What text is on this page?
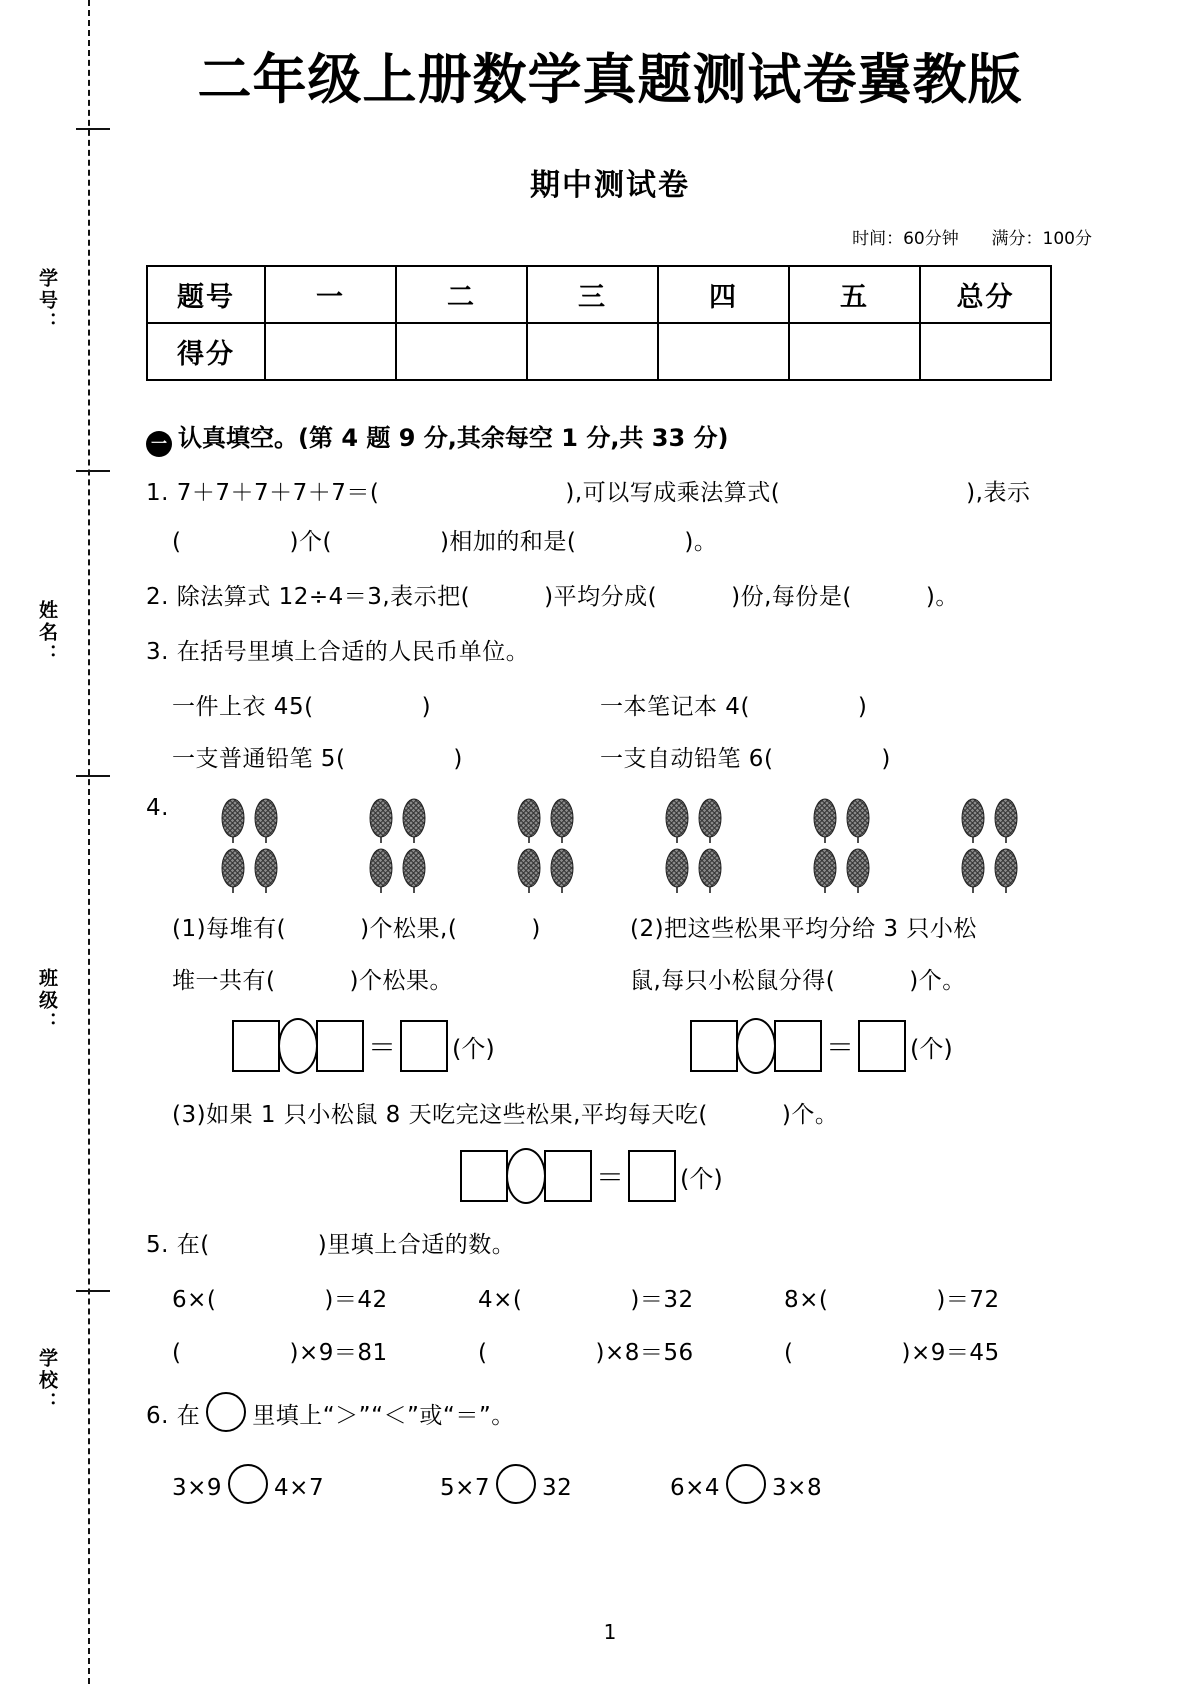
学号：
姓名：
班级：
学校：
二年级上册数学真题测试卷冀教版
期中测试卷
时间：60分钟 满分：100分
题号	一	二	三	四	五	总分
得分						
一 认真填空。(第 4 题 9 分,其余每空 1 分,共 33 分)
1. 7＋7＋7＋7＋7＝(	),可以写成乘法算式(	),表示
(	)个(	)相加的和是(	)。
2. 除法算式 12÷4＝3,表示把(	)平均分成(	)份,每份是(	)。
3. 在括号里填上合适的人民币单位。
一件上衣 45(	)	一本笔记本 4(	)
一支普通铅笔 5(	)	一支自动铅笔 6(	)
4.
(1)每堆有(	)个松果,(	)
堆一共有(	)个松果。
(2)把这些松果平均分给 3 只小松
鼠,每只小松鼠分得(	)个。
＝ (个)	＝ (个)
(3)如果 1 只小松鼠 8 天吃完这些松果,平均每天吃(	)个。
＝ (个)
5. 在(	)里填上合适的数。
6×(	)＝42	4×(	)＝32	8×(	)＝72
(	)×9＝81	(	)×8＝56	(	)×9＝45
6. 在 里填上“＞”“＜”或“＝”。
3×9 4×7	5×7 32	6×4 3×8
1
